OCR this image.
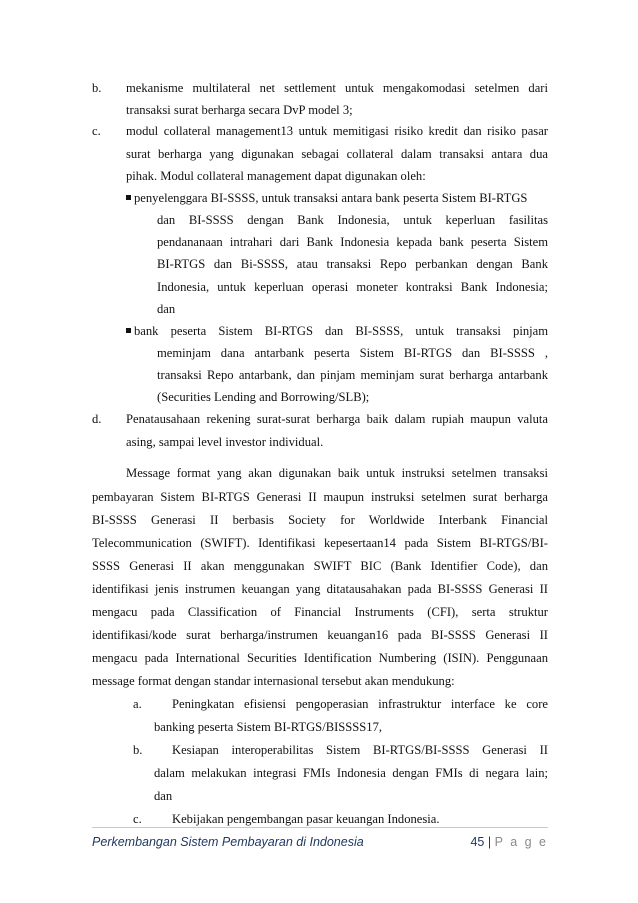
b. mekanisme multilateral net settlement untuk mengakomodasi setelmen dari
transaksi surat berharga secara DvP model 3;
c. modul collateral management13 untuk memitigasi risiko kredit dan risiko pasar
surat berharga yang digunakan sebagai collateral dalam transaksi antara dua
pihak. Modul collateral management dapat digunakan oleh:
penyelenggara BI-SSSS, untuk transaksi antara bank peserta Sistem BI-RTGS
dan BI-SSSS dengan Bank Indonesia, untuk keperluan fasilitas
pendananaan intrahari dari Bank Indonesia kepada bank peserta Sistem
BI-RTGS dan Bi-SSSS, atau transaksi Repo perbankan dengan Bank
Indonesia, untuk keperluan operasi moneter kontraksi Bank Indonesia;
dan
bank peserta Sistem BI-RTGS dan BI-SSSS, untuk transaksi pinjam
meminjam dana antarbank peserta Sistem BI-RTGS dan BI-SSSS ,
transaksi Repo antarbank, dan pinjam meminjam surat berharga antarbank
(Securities Lending and Borrowing/SLB);
d. Penatausahaan rekening surat-surat berharga baik dalam rupiah maupun valuta
asing, sampai level investor individual.
Message format yang akan digunakan baik untuk instruksi setelmen transaksi
pembayaran Sistem BI-RTGS Generasi II maupun instruksi setelmen surat berharga
BI-SSSS Generasi II berbasis Society for Worldwide Interbank Financial
Telecommunication (SWIFT). Identifikasi kepesertaan14 pada Sistem BI-RTGS/BI-
SSSS Generasi II akan menggunakan SWIFT BIC (Bank Identifier Code), dan
identifikasi jenis instrumen keuangan yang ditatausahakan pada BI-SSSS Generasi II
mengacu pada Classification of Financial Instruments (CFI), serta struktur
identifikasi/kode surat berharga/instrumen keuangan16 pada BI-SSSS Generasi II
mengacu pada International Securities Identification Numbering (ISIN). Penggunaan
message format dengan standar internasional tersebut akan mendukung:
a. Peningkatan efisiensi pengoperasian infrastruktur interface ke core
banking peserta Sistem BI-RTGS/BISSSS17,
b. Kesiapan interoperabilitas Sistem BI-RTGS/BI-SSSS Generasi II
dalam melakukan integrasi FMIs Indonesia dengan FMIs di negara lain;
dan
c. Kebijakan pengembangan pasar keuangan Indonesia.
Perkembangan Sistem Pembayaran di Indonesia	45 | P a g e
